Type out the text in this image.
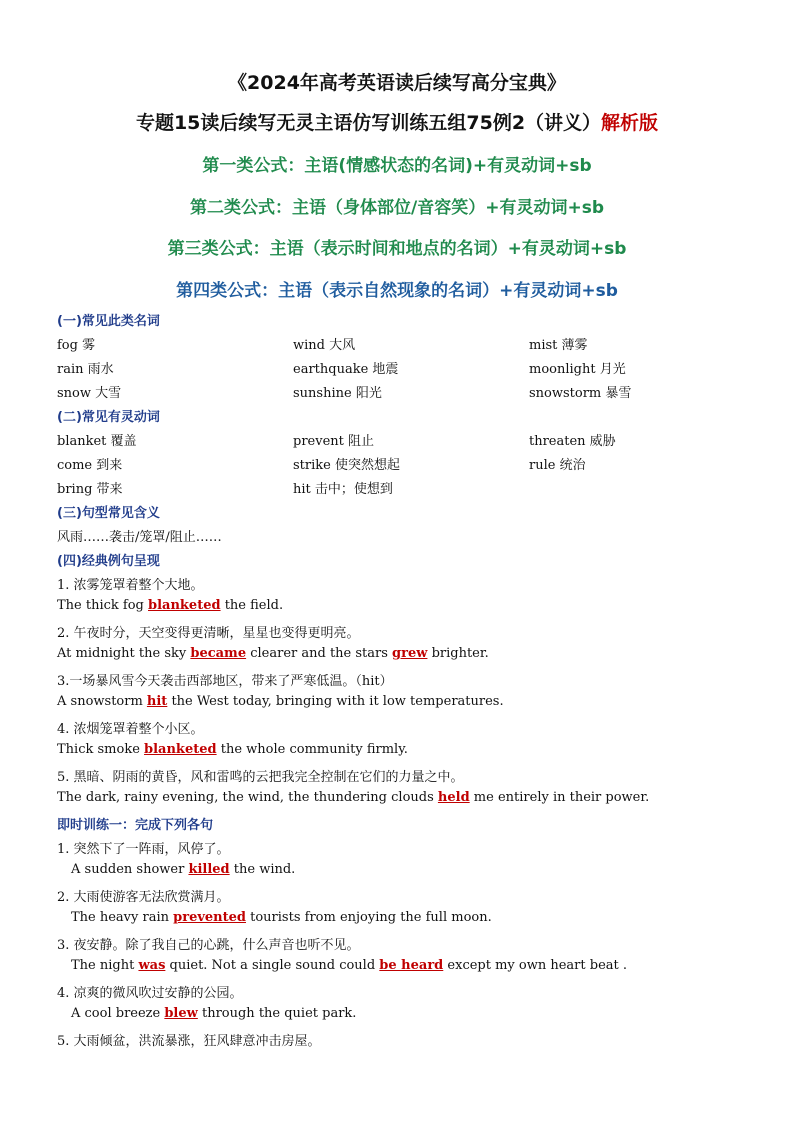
《2024年高考英语读后续写高分宝典》
专题15读后续写无灵主语仿写训练五组75例2（讲义）解析版
第一类公式：主语(情感状态的名词)+有灵动词+sb
第二类公式：主语（身体部位/音容笑）+有灵动词+sb
第三类公式：主语（表示时间和地点的名词）+有灵动词+sb
第四类公式：主语（表示自然现象的名词）+有灵动词+sb
(一)常见此类名词
fog 雾	wind 大风	mist 薄雾
rain 雨水	earthquake 地震	moonlight 月光
snow 大雪	sunshine 阳光	snowstorm 暴雪
(二)常见有灵动词
blanket 覆盖	prevent 阻止	threaten 威胁
come 到来	strike 使突然想起	rule 统治
bring 带来	hit 击中；使想到
(三)句型常见含义
风雨……袭击/笼罩/阻止……
(四)经典例句呈现
1. 浓雾笼罩着整个大地。
The thick fog blanketed the field.
2. 午夜时分，天空变得更清晰，星星也变得更明亮。
At midnight the sky became clearer and the stars grew brighter.
3.一场暴风雪今天袭击西部地区，带来了严寒低温。（hit）
A snowstorm hit the West today, bringing with it low temperatures.
4. 浓烟笼罩着整个小区。
Thick smoke blanketed the whole community firmly.
5. 黑暗、阴雨的黄昏，风和雷鸣的云把我完全控制在它们的力量之中。
The dark, rainy evening, the wind, the thundering clouds held me entirely in their power.
即时训练一：完成下列各句
1. 突然下了一阵雨，风停了。
A sudden shower killed the wind.
2. 大雨使游客无法欣赏满月。
The heavy rain prevented tourists from enjoying the full moon.
3. 夜安静。除了我自己的心跳，什么声音也听不见。
The night was quiet. Not a single sound could be heard except my own heart beat .
4. 凉爽的微风吹过安静的公园。
A cool breeze blew through the quiet park.
5. 大雨倾盆，洪流暴涨，狂风肆意冲击房屋。
